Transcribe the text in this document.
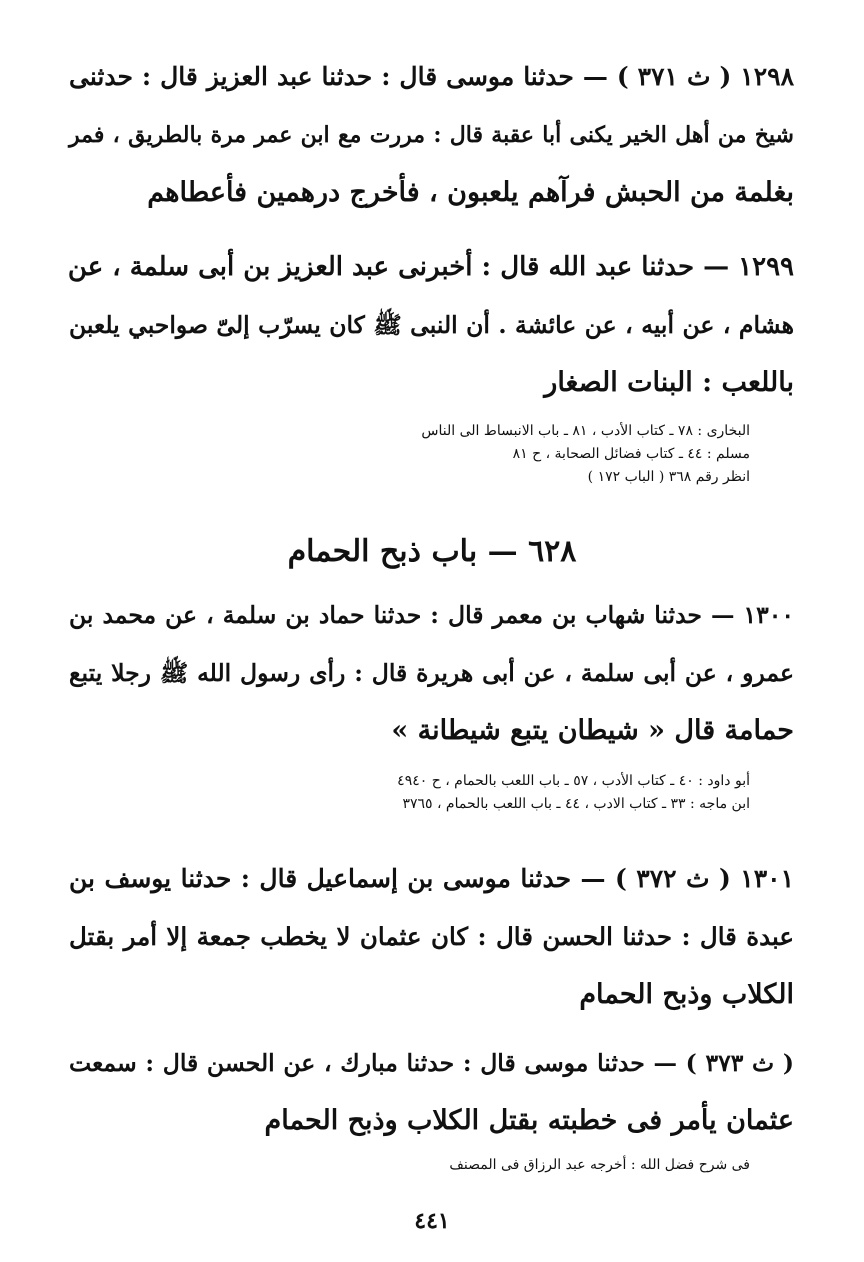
١٢٩٨ ( ث ٣٧١ ) — حدثنا موسى قال : حدثنا عبد العزيز قال : حدثنى
شيخ من أهل الخير يكنى أبا عقبة قال : مررت مع ابن عمر مرة بالطريق ، فمر
بغلمة من الحبش فرآهم يلعبون ، فأخرج درهمين فأعطاهم
١٢٩٩ — حدثنا عبد الله قال : أخبرنى عبد العزيز بن أبى سلمة ، عن
هشام ، عن أبيه ، عن عائشة . أن النبى ﷺ كان يسرّب إلىّ صواحبي يلعبن
باللعب : البنات الصغار
البخارى : ٧٨ ـ كتاب الأدب ، ٨١ ـ باب الانبساط الى الناس
مسلم : ٤٤ ـ كتاب فضائل الصحابة ، ح ٨١
انظر رقم ٣٦٨ ( الباب ١٧٢ )
٦٢٨ — باب ذبح الحمام
١٣٠٠ — حدثنا شهاب بن معمر قال : حدثنا حماد بن سلمة ، عن محمد بن
عمرو ، عن أبى سلمة ، عن أبى هريرة قال : رأى رسول الله ﷺ رجلا يتبع
حمامة قال « شيطان يتبع شيطانة »
أبو داود : ٤٠ ـ كتاب الأدب ، ٥٧ ـ باب اللعب بالحمام ، ح ٤٩٤٠
ابن ماجه : ٣٣ ـ كتاب الادب ، ٤٤ ـ باب اللعب بالحمام ، ٣٧٦٥
١٣٠١ ( ث ٣٧٢ ) — حدثنا موسى بن إسماعيل قال : حدثنا يوسف بن
عبدة قال : حدثنا الحسن قال : كان عثمان لا يخطب جمعة إلا أمر بقتل
الكلاب وذبح الحمام
( ث ٣٧٣ ) — حدثنا موسى قال : حدثنا مبارك ، عن الحسن قال : سمعت
عثمان يأمر فى خطبته بقتل الكلاب وذبح الحمام
فى شرح فضل الله : أخرجه عبد الرزاق فى المصنف
٤٤١
